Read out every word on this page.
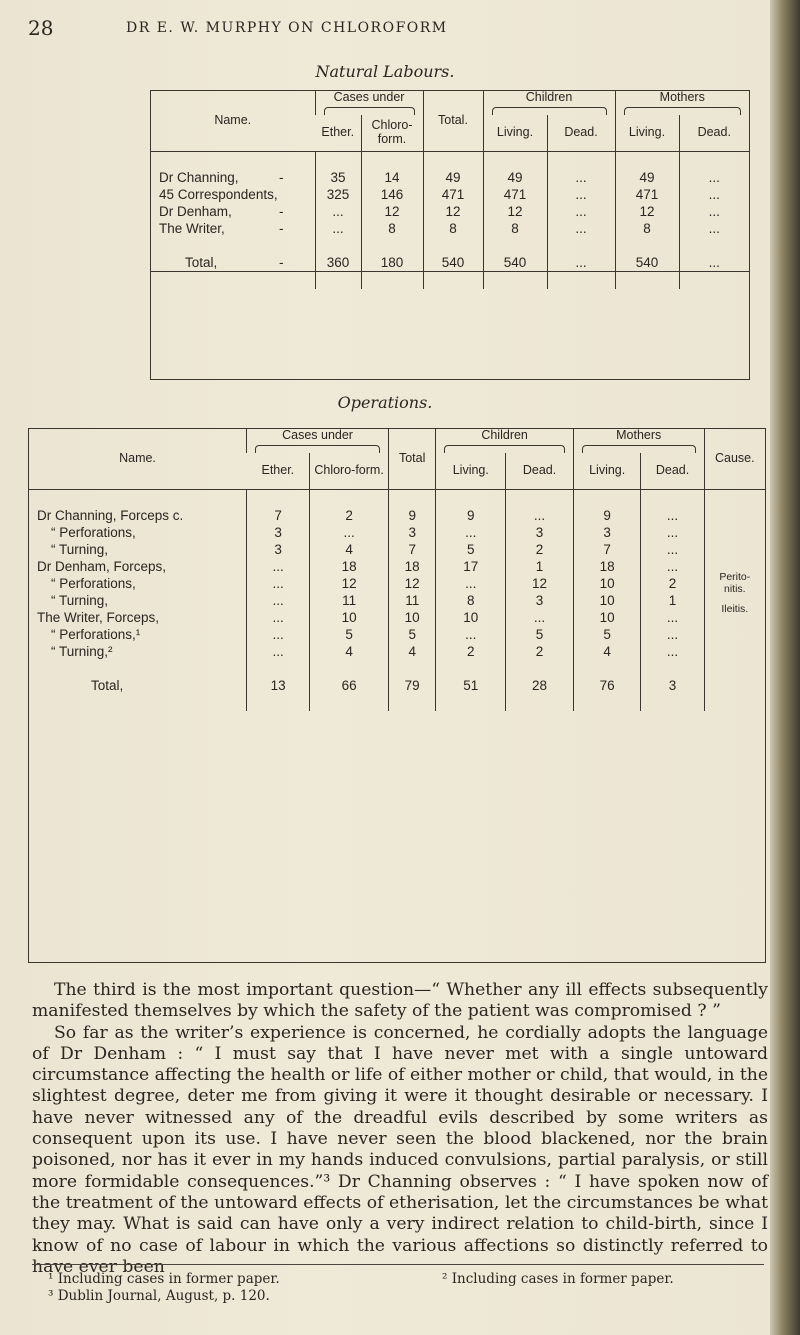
28	DR E. W. MURPHY ON CHLOROFORM
Natural Labours.
Name.	Cases under		Total.	Children		Mothers	

	Ether.	Chloro-form.		Living.	Dead.	Living.	Dead.

Dr Channing, -	35	14	49	49	...	49	...
45 Correspondents,	325	146	471	471	...	471	...
Dr Denham, -	...	12	12	12	...	12	...
The Writer, -	...	8	8	8	...	8	...

Total, -	360	180	540	540	...	540	...

Operations.
Name.	Cases under		Total	Children		Mothers		Cause.
	Ether.	Chloro-form.		Living.	Dead.	Living.	Dead.	

Dr Channing, Forceps c.	7	2	9	9	...	9	...	Perito-nitis.
Ileitis.

“ Perforations,	3	...	3	...	3	3	...	
“ Turning,	3	4	7	5	2	7	...	
Dr Denham, Forceps,	...	18	18	17	1	18	...	
“ Perforations,	...	12	12	...	12	10	2	
“ Turning,	...	11	11	8	3	10	1	
The Writer, Forceps,	...	10	10	10	...	10	...	
“ Perforations,¹	...	5	5	...	5	5	...	
“ Turning,²	...	4	4	2	2	4	...	

Total,	13	66	79	51	28	76	3	

The third is the most important question—“ Whether any ill effects subsequently manifested themselves by which the safety of the patient was compromised ? ”

So far as the writer’s experience is concerned, he cordially adopts the language of Dr Denham : “ I must say that I have never met with a single untoward circumstance affecting the health or life of either mother or child, that would, in the slightest degree, deter me from giving it were it thought desirable or necessary. I have never witnessed any of the dreadful evils described by some writers as consequent upon its use. I have never seen the blood blackened, nor the brain poisoned, nor has it ever in my hands induced convulsions, partial paralysis, or still more formidable consequences.”³ Dr Channing observes : “ I have spoken now of the treatment of the untoward effects of etherisation, let the circumstances be what they may. What is said can have only a very indirect relation to child-birth, since I know of no case of labour in which the various affections so distinctly referred to have ever been

¹ Including cases in former paper.	² Including cases in former paper.
³ Dublin Journal, August, p. 120.
